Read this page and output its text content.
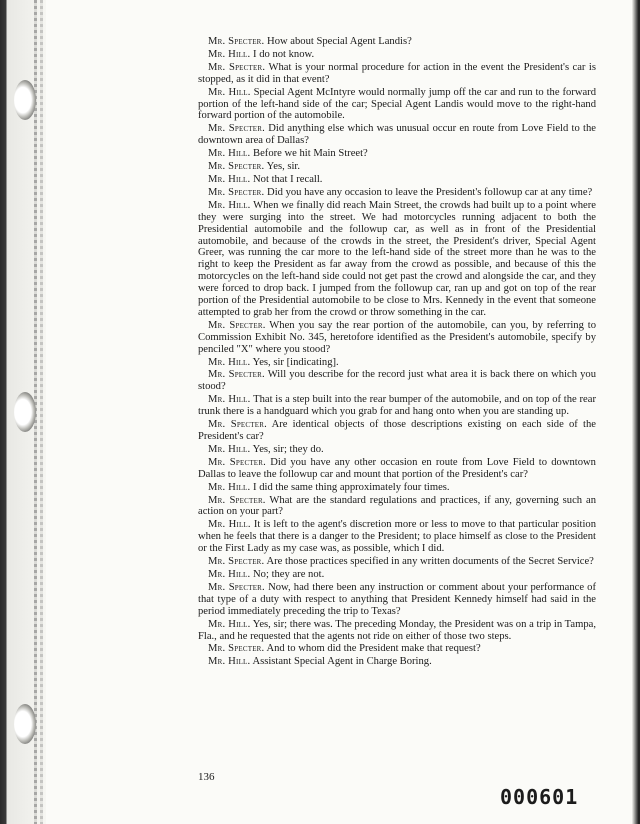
Mr. Specter. How about Special Agent Landis?

Mr. Hill. I do not know.

Mr. Specter. What is your normal procedure for action in the event the President's car is stopped, as it did in that event?

Mr. Hill. Special Agent McIntyre would normally jump off the car and run to the forward portion of the left-hand side of the car; Special Agent Landis would move to the right-hand forward portion of the automobile.

Mr. Specter. Did anything else which was unusual occur en route from Love Field to the downtown area of Dallas?

Mr. Hill. Before we hit Main Street?

Mr. Specter. Yes, sir.

Mr. Hill. Not that I recall.

Mr. Specter. Did you have any occasion to leave the President's followup car at any time?

Mr. Hill. When we finally did reach Main Street, the crowds had built up to a point where they were surging into the street. We had motorcycles running adjacent to both the Presidential automobile and the followup car, as well as in front of the Presidential automobile, and because of the crowds in the street, the President's driver, Special Agent Greer, was running the car more to the left-hand side of the street more than he was to the right to keep the President as far away from the crowd as possible, and because of this the motorcycles on the left-hand side could not get past the crowd and alongside the car, and they were forced to drop back. I jumped from the followup car, ran up and got on top of the rear portion of the Presidential automobile to be close to Mrs. Kennedy in the event that someone attempted to grab her from the crowd or throw something in the car.

Mr. Specter. When you say the rear portion of the automobile, can you, by referring to Commission Exhibit No. 345, heretofore identified as the President's automobile, specify by penciled "X" where you stood?

Mr. Hill. Yes, sir [indicating].

Mr. Specter. Will you describe for the record just what area it is back there on which you stood?

Mr. Hill. That is a step built into the rear bumper of the automobile, and on top of the rear trunk there is a handguard which you grab for and hang onto when you are standing up.

Mr. Specter. Are identical objects of those descriptions existing on each side of the President's car?

Mr. Hill. Yes, sir; they do.

Mr. Specter. Did you have any other occasion en route from Love Field to downtown Dallas to leave the followup car and mount that portion of the President's car?

Mr. Hill. I did the same thing approximately four times.

Mr. Specter. What are the standard regulations and practices, if any, governing such an action on your part?

Mr. Hill. It is left to the agent's discretion more or less to move to that particular position when he feels that there is a danger to the President; to place himself as close to the President or the First Lady as my case was, as possible, which I did.

Mr. Specter. Are those practices specified in any written documents of the Secret Service?

Mr. Hill. No; they are not.

Mr. Specter. Now, had there been any instruction or comment about your performance of that type of a duty with respect to anything that President Kennedy himself had said in the period immediately preceding the trip to Texas?

Mr. Hill. Yes, sir; there was. The preceding Monday, the President was on a trip in Tampa, Fla., and he requested that the agents not ride on either of those two steps.

Mr. Specter. And to whom did the President make that request?

Mr. Hill. Assistant Special Agent in Charge Boring.

136
000601
